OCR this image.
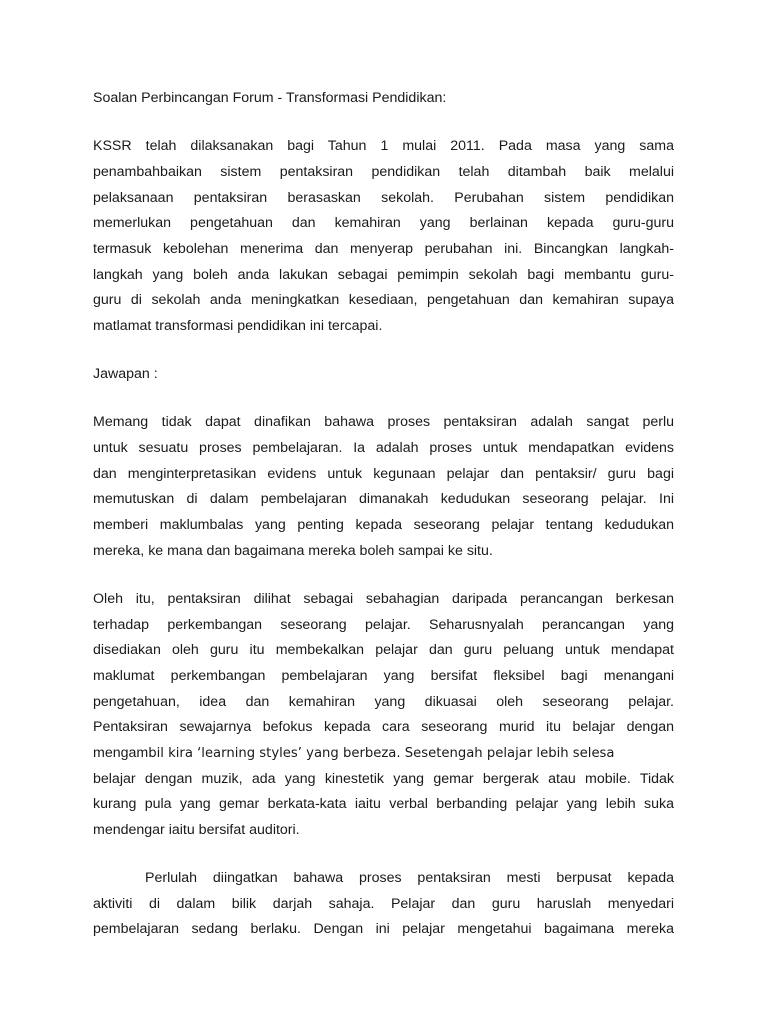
Soalan Perbincangan Forum - Transformasi Pendidikan:
KSSR telah dilaksanakan bagi Tahun 1 mulai 2011. Pada masa yang sama
penambahbaikan sistem pentaksiran pendidikan telah ditambah baik melalui
pelaksanaan pentaksiran berasaskan sekolah. Perubahan sistem pendidikan
memerlukan pengetahuan dan kemahiran yang berlainan kepada guru-guru
termasuk kebolehan menerima dan menyerap perubahan ini. Bincangkan langkah-
langkah yang boleh anda lakukan sebagai pemimpin sekolah bagi membantu guru-
guru di sekolah anda meningkatkan kesediaan, pengetahuan dan kemahiran supaya
matlamat transformasi pendidikan ini tercapai.
Jawapan :
Memang tidak dapat dinafikan bahawa proses pentaksiran adalah sangat perlu
untuk sesuatu proses pembelajaran. Ia adalah proses untuk mendapatkan evidens
dan menginterpretasikan evidens untuk kegunaan pelajar dan pentaksir/ guru bagi
memutuskan di dalam pembelajaran dimanakah kedudukan seseorang pelajar. Ini
memberi maklumbalas yang penting kepada seseorang pelajar tentang kedudukan
mereka, ke mana dan bagaimana mereka boleh sampai ke situ.
Oleh itu, pentaksiran dilihat sebagai sebahagian daripada perancangan berkesan
terhadap perkembangan seseorang pelajar. Seharusnyalah perancangan yang
disediakan oleh guru itu membekalkan pelajar dan guru peluang untuk mendapat
maklumat perkembangan pembelajaran yang bersifat fleksibel bagi menangani
pengetahuan, idea dan kemahiran yang dikuasai oleh seseorang pelajar.
Pentaksiran sewajarnya befokus kepada cara seseorang murid itu belajar dengan
mengambil kira ‘learning styles’ yang berbeza. Sesetengah pelajar lebih selesa
belajar dengan muzik, ada yang kinestetik yang gemar bergerak atau mobile. Tidak
kurang pula yang gemar berkata-kata iaitu verbal berbanding pelajar yang lebih suka
mendengar iaitu bersifat auditori.
Perlulah diingatkan bahawa proses pentaksiran mesti berpusat kepada
aktiviti di dalam bilik darjah sahaja. Pelajar dan guru haruslah menyedari
pembelajaran sedang berlaku. Dengan ini pelajar mengetahui bagaimana mereka
